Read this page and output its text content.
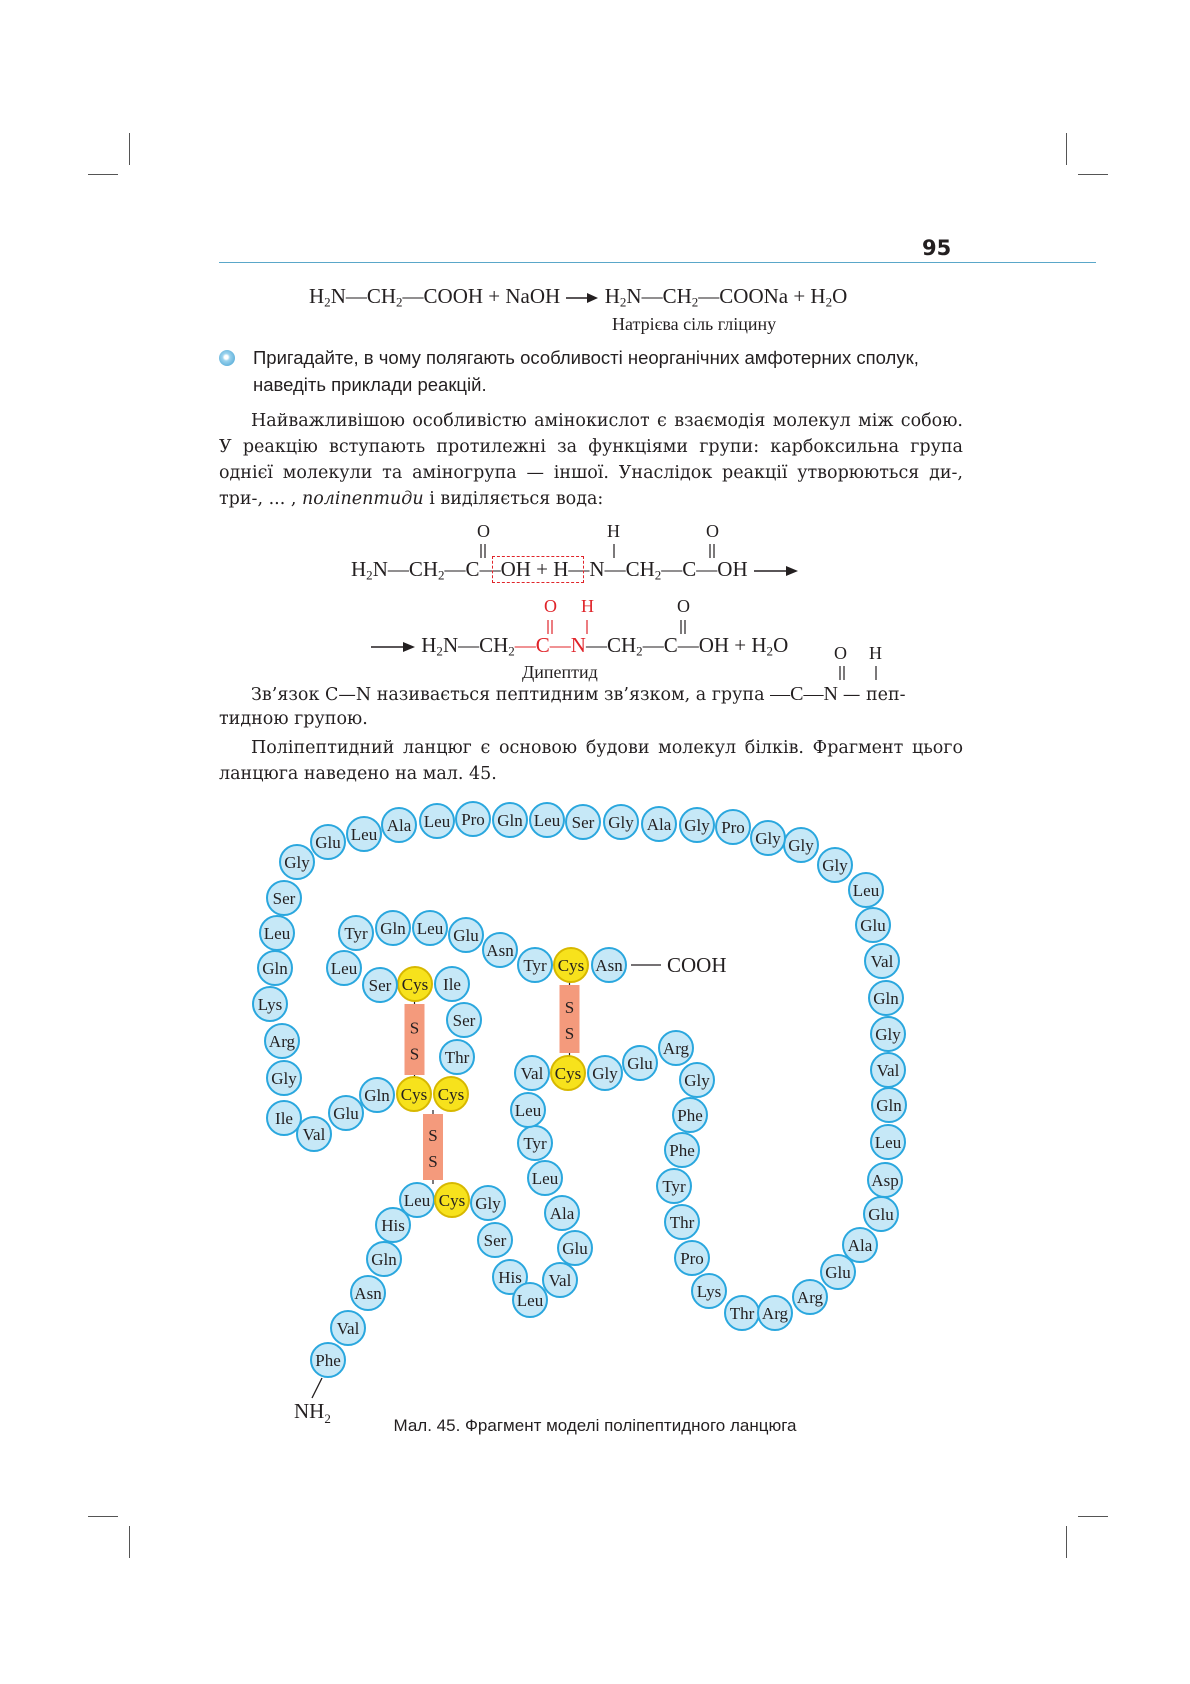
95
$H_2N—CH_2—COOH$ + NaOH → $H_2N—CH_2—COONa + H_2O$
Натрієва сіль гліцину
Пригадайте, в чому полягають особливості неорганічних амфотерних сполук, наведіть приклади реакцій.
Найважливішою особливістю амінокислот є взаємодія молекул між собою. У реакцію вступають протилежні за функціями групи: карбоксильна група однієї молекули та аміногрупа — іншої. Унаслідок реакції утворюються ди-, три-, ... , поліпептиди і виділяється вода:
O	H	O
$H_2N—CH_2—C—OH$ + $H—N—CH_2—C—OH$ →
O H	O
→ $H_2N—CH_2—C—N—CH_2—C—OH + H_2O$
Дипептид
O H
Зв’язок C—N називається пептидним зв’язком, а група —C—N — пеп-
тидною групою.
Поліпептидний ланцюг є основою будови молекул білків. Фрагмент цього ланцюга наведено на мал. 45.
S
S
S
S
S
S
Phe
Val
Asn
Gln
His
Leu Cys Gly
Ser
His
Leu
Val
Glu
Ala
Leu
Tyr
Leu
Val Cys Gly
Glu
Arg
Gly
Phe
Phe
Tyr
Thr
Pro
Lys
Thr Arg
Arg
Glu
Ala
Glu
Asp
Leu
Gln
Val
Gly
Gln
Val
Glu
Leu
Gly
Gly
Gly
Pro
Gly
Ala
Gly
Ser
Leu
Gln
Pro
Leu
Ala
Leu
Glu
Gly
Ser
Leu
Gln
Lys
Arg
Gly
Ile
Val
Glu
Gln Cys Cys
Thr
Ser
Ile
Cys
Ser
Leu
Tyr Gln Leu Glu
Asn
Tyr Cys Asn COOH
$NH_2$	Мал. 45. Фрагмент моделі поліпептидного ланцюга
